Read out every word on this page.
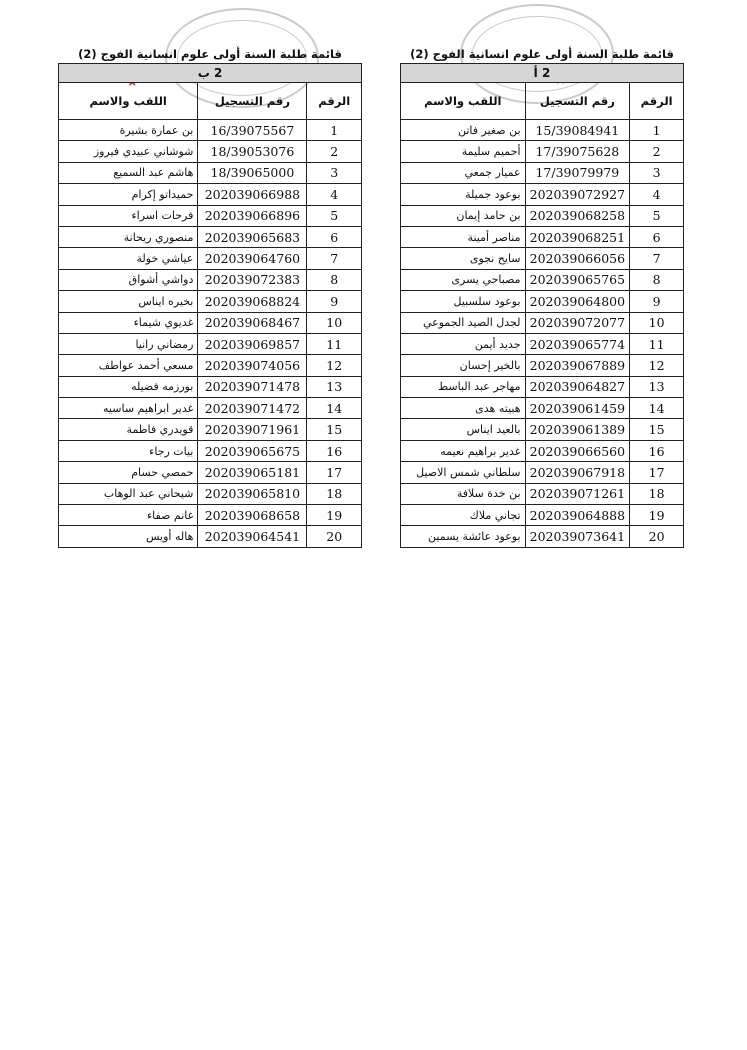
قائمة طلبة السنة أولى علوم انسانية الفوج (2)
2 ب		
اللقب والاسم	رقم التسجيل	الرقم
بن عمارة بشيرة	16/39075567	1
شوشاني عبيدي فيروز	18/39053076	2
هاشم عبد السميع	18/39065000	3
حميداتو إكرام	202039066988	4
فرحات اسراء	202039066896	5
منصوري ريحانة	202039065683	6
عياشي خولة	202039064760	7
دواشي أشواق	202039072383	8
بخيره ايناس	202039068824	9
غديوي شيماء	202039068467	10
رمضاني رانيا	202039069857	11
مسعي أحمد عواطف	202039074056	12
بورزمه فضيله	202039071478	13
غدير ابراهيم ساسيه	202039071472	14
قويدري فاطمة	202039071961	15
بيات رجاء	202039065675	16
حمصي حسام	202039065181	17
شيحاني عبد الوهاب	202039065810	18
غانم صفاء	202039068658	19
هاله أويس	202039064541	20
قائمة طلبة السنة أولى علوم انسانية الفوج (2)
2 أ		
اللقب والاسم	رقم التسجيل	الرقم
بن صغير فاتن	15/39084941	1
أحميم سليمة	17/39075628	2
عميار جمعي	17/39079979	3
بوعود جميلة	202039072927	4
بن حامد إيمان	202039068258	5
مناصر أمينة	202039068251	6
سايح نجوى	202039066056	7
مصباحي يسرى	202039065765	8
بوعود سلسبيل	202039064800	9
لجدل الصيد الجموعي	202039072077	10
جديد أيمن	202039065774	11
بالخير إحسان	202039067889	12
مهاجر عبد الباسط	202039064827	13
هبيته هدى	202039061459	14
بالعيد ايناس	202039061389	15
غدير براهيم نعيمه	202039066560	16
سلطاني شمس الاصيل	202039067918	17
بن خدة سلافة	202039071261	18
تجاني ملاك	202039064888	19
بوعود عائشة يسمين	202039073641	20
